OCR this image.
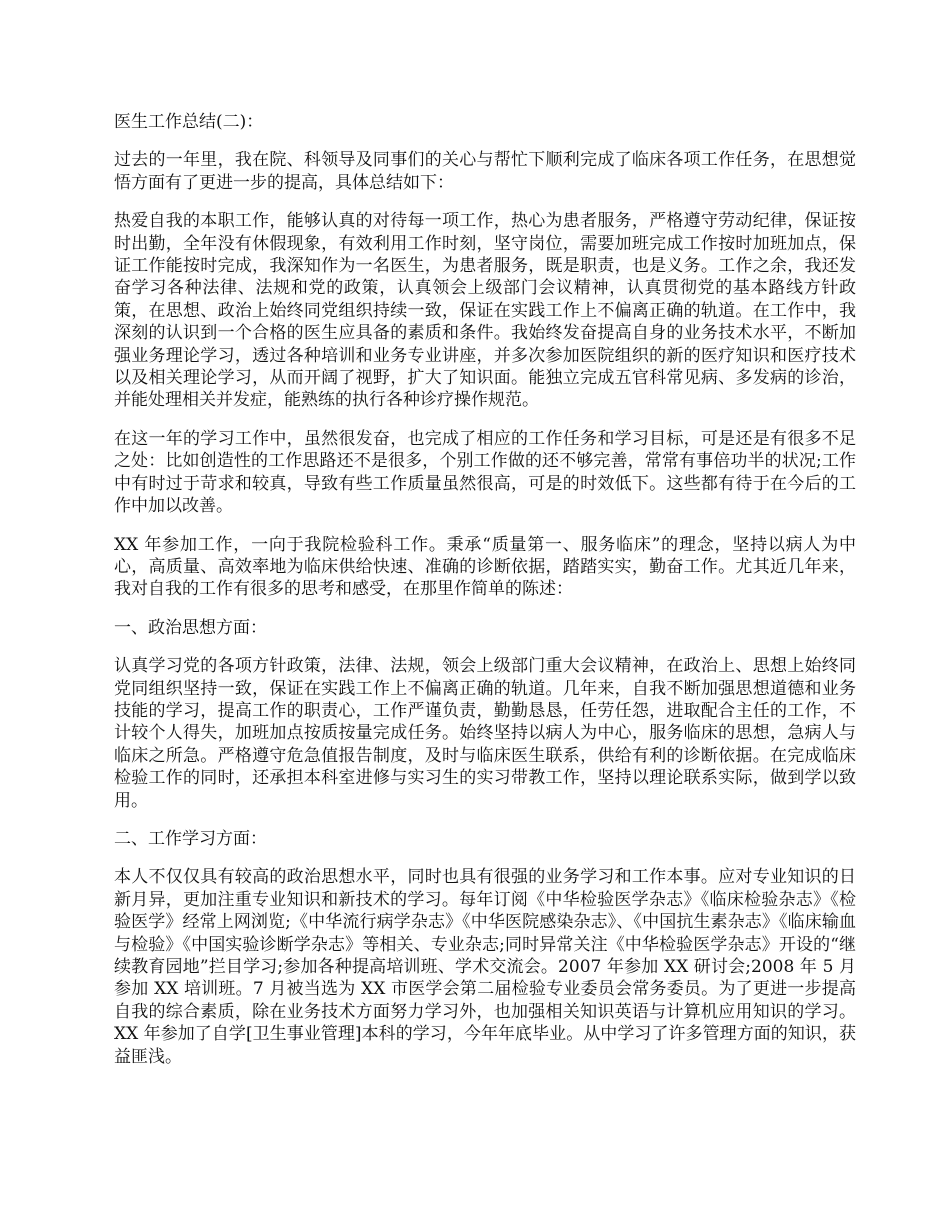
医生工作总结(二)：

过去的一年里，我在院、科领导及同事们的关心与帮忙下顺利完成了临床各项工作任务，在思想觉悟方面有了更进一步的提高，具体总结如下：

热爱自我的本职工作，能够认真的对待每一项工作，热心为患者服务，严格遵守劳动纪律，保证按时出勤，全年没有休假现象，有效利用工作时刻，坚守岗位，需要加班完成工作按时加班加点，保证工作能按时完成，我深知作为一名医生，为患者服务，既是职责，也是义务。工作之余，我还发奋学习各种法律、法规和党的政策，认真领会上级部门会议精神，认真贯彻党的基本路线方针政策，在思想、政治上始终同党组织持续一致，保证在实践工作上不偏离正确的轨道。在工作中，我深刻的认识到一个合格的医生应具备的素质和条件。我始终发奋提高自身的业务技术水平，不断加强业务理论学习，透过各种培训和业务专业讲座，并多次参加医院组织的新的医疗知识和医疗技术以及相关理论学习，从而开阔了视野，扩大了知识面。能独立完成五官科常见病、多发病的诊治，并能处理相关并发症，能熟练的执行各种诊疗操作规范。

在这一年的学习工作中，虽然很发奋，也完成了相应的工作任务和学习目标，可是还是有很多不足之处：比如创造性的工作思路还不是很多，个别工作做的还不够完善，常常有事倍功半的状况;工作中有时过于苛求和较真，导致有些工作质量虽然很高，可是的时效低下。这些都有待于在今后的工作中加以改善。

XX 年参加工作，一向于我院检验科工作。秉承“质量第一、服务临床”的理念，坚持以病人为中心，高质量、高效率地为临床供给快速、准确的诊断依据，踏踏实实，勤奋工作。尤其近几年来，我对自我的工作有很多的思考和感受，在那里作简单的陈述：

一、政治思想方面：

认真学习党的各项方针政策，法律、法规，领会上级部门重大会议精神，在政治上、思想上始终同党同组织坚持一致，保证在实践工作上不偏离正确的轨道。几年来，自我不断加强思想道德和业务技能的学习，提高工作的职责心，工作严谨负责，勤勤恳恳，任劳任怨，进取配合主任的工作，不计较个人得失，加班加点按质按量完成任务。始终坚持以病人为中心，服务临床的思想，急病人与临床之所急。严格遵守危急值报告制度，及时与临床医生联系，供给有利的诊断依据。在完成临床检验工作的同时，还承担本科室进修与实习生的实习带教工作，坚持以理论联系实际，做到学以致用。

二、工作学习方面：

本人不仅仅具有较高的政治思想水平，同时也具有很强的业务学习和工作本事。应对专业知识的日新月异，更加注重专业知识和新技术的学习。每年订阅《中华检验医学杂志》《临床检验杂志》《检验医学》经常上网浏览;《中华流行病学杂志》《中华医院感染杂志》、《中国抗生素杂志》《临床输血与检验》《中国实验诊断学杂志》等相关、专业杂志;同时异常关注《中华检验医学杂志》开设的“继续教育园地”拦目学习;参加各种提高培训班、学术交流会。2007 年参加 XX 研讨会;2008 年 5 月参加 XX 培训班。7 月被当选为 XX 市医学会第二届检验专业委员会常务委员。为了更进一步提高自我的综合素质，除在业务技术方面努力学习外，也加强相关知识英语与计算机应用知识的学习。XX 年参加了自学[卫生事业管理]本科的学习，今年年底毕业。从中学习了许多管理方面的知识，获益匪浅。
